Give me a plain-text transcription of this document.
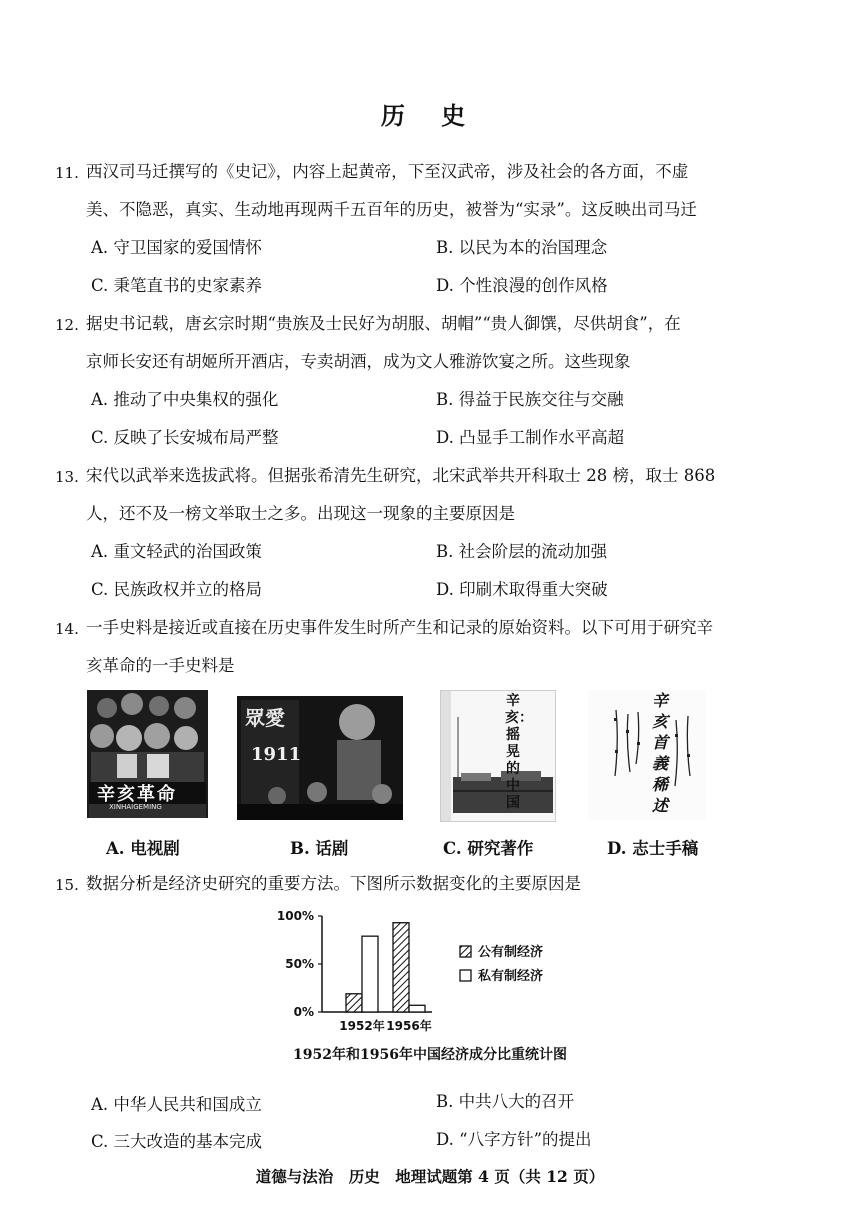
历 史
11. 西汉司马迁撰写的《史记》，内容上起黄帝，下至汉武帝，涉及社会的各方面，不虚
美、不隐恶，真实、生动地再现两千五百年的历史，被誉为“实录”。这反映出司马迁
A. 守卫国家的爱国情怀	B. 以民为本的治国理念
C. 秉笔直书的史家素养	D. 个性浪漫的创作风格
12. 据史书记载，唐玄宗时期“贵族及士民好为胡服、胡帽”“贵人御馔，尽供胡食”，在
京师长安还有胡姬所开酒店，专卖胡酒，成为文人雅游饮宴之所。这些现象
A. 推动了中央集权的强化	B. 得益于民族交往与交融
C. 反映了长安城布局严整	D. 凸显手工制作水平高超
13. 宋代以武举来选拔武将。但据张希清先生研究，北宋武举共开科取士 28 榜，取士 868
人，还不及一榜文举取士之多。出现这一现象的主要原因是
A. 重文轻武的治国政策	B. 社会阶层的流动加强
C. 民族政权并立的格局	D. 印刷术取得重大突破
14. 一手史料是接近或直接在历史事件发生时所产生和记录的原始资料。以下可用于研究辛
亥革命的一手史料是
辛亥革命
XINHAIGEMING
A. 电视剧
眾愛
1911
B. 话剧
辛亥：摇晃的中国
C. 研究著作
辛亥首義稀述
D. 志士手稿
15. 数据分析是经济史研究的重要方法。下图所示数据变化的主要原因是
0%
50%
100%
1952年 1956年
公有制经济
私有制经济
1952年和1956年中国经济成分比重统计图
A. 中华人民共和国成立	B. 中共八大的召开
C. 三大改造的基本完成	D. “八字方针”的提出
道德与法治　历史　地理试题第 4 页（共 12 页）
